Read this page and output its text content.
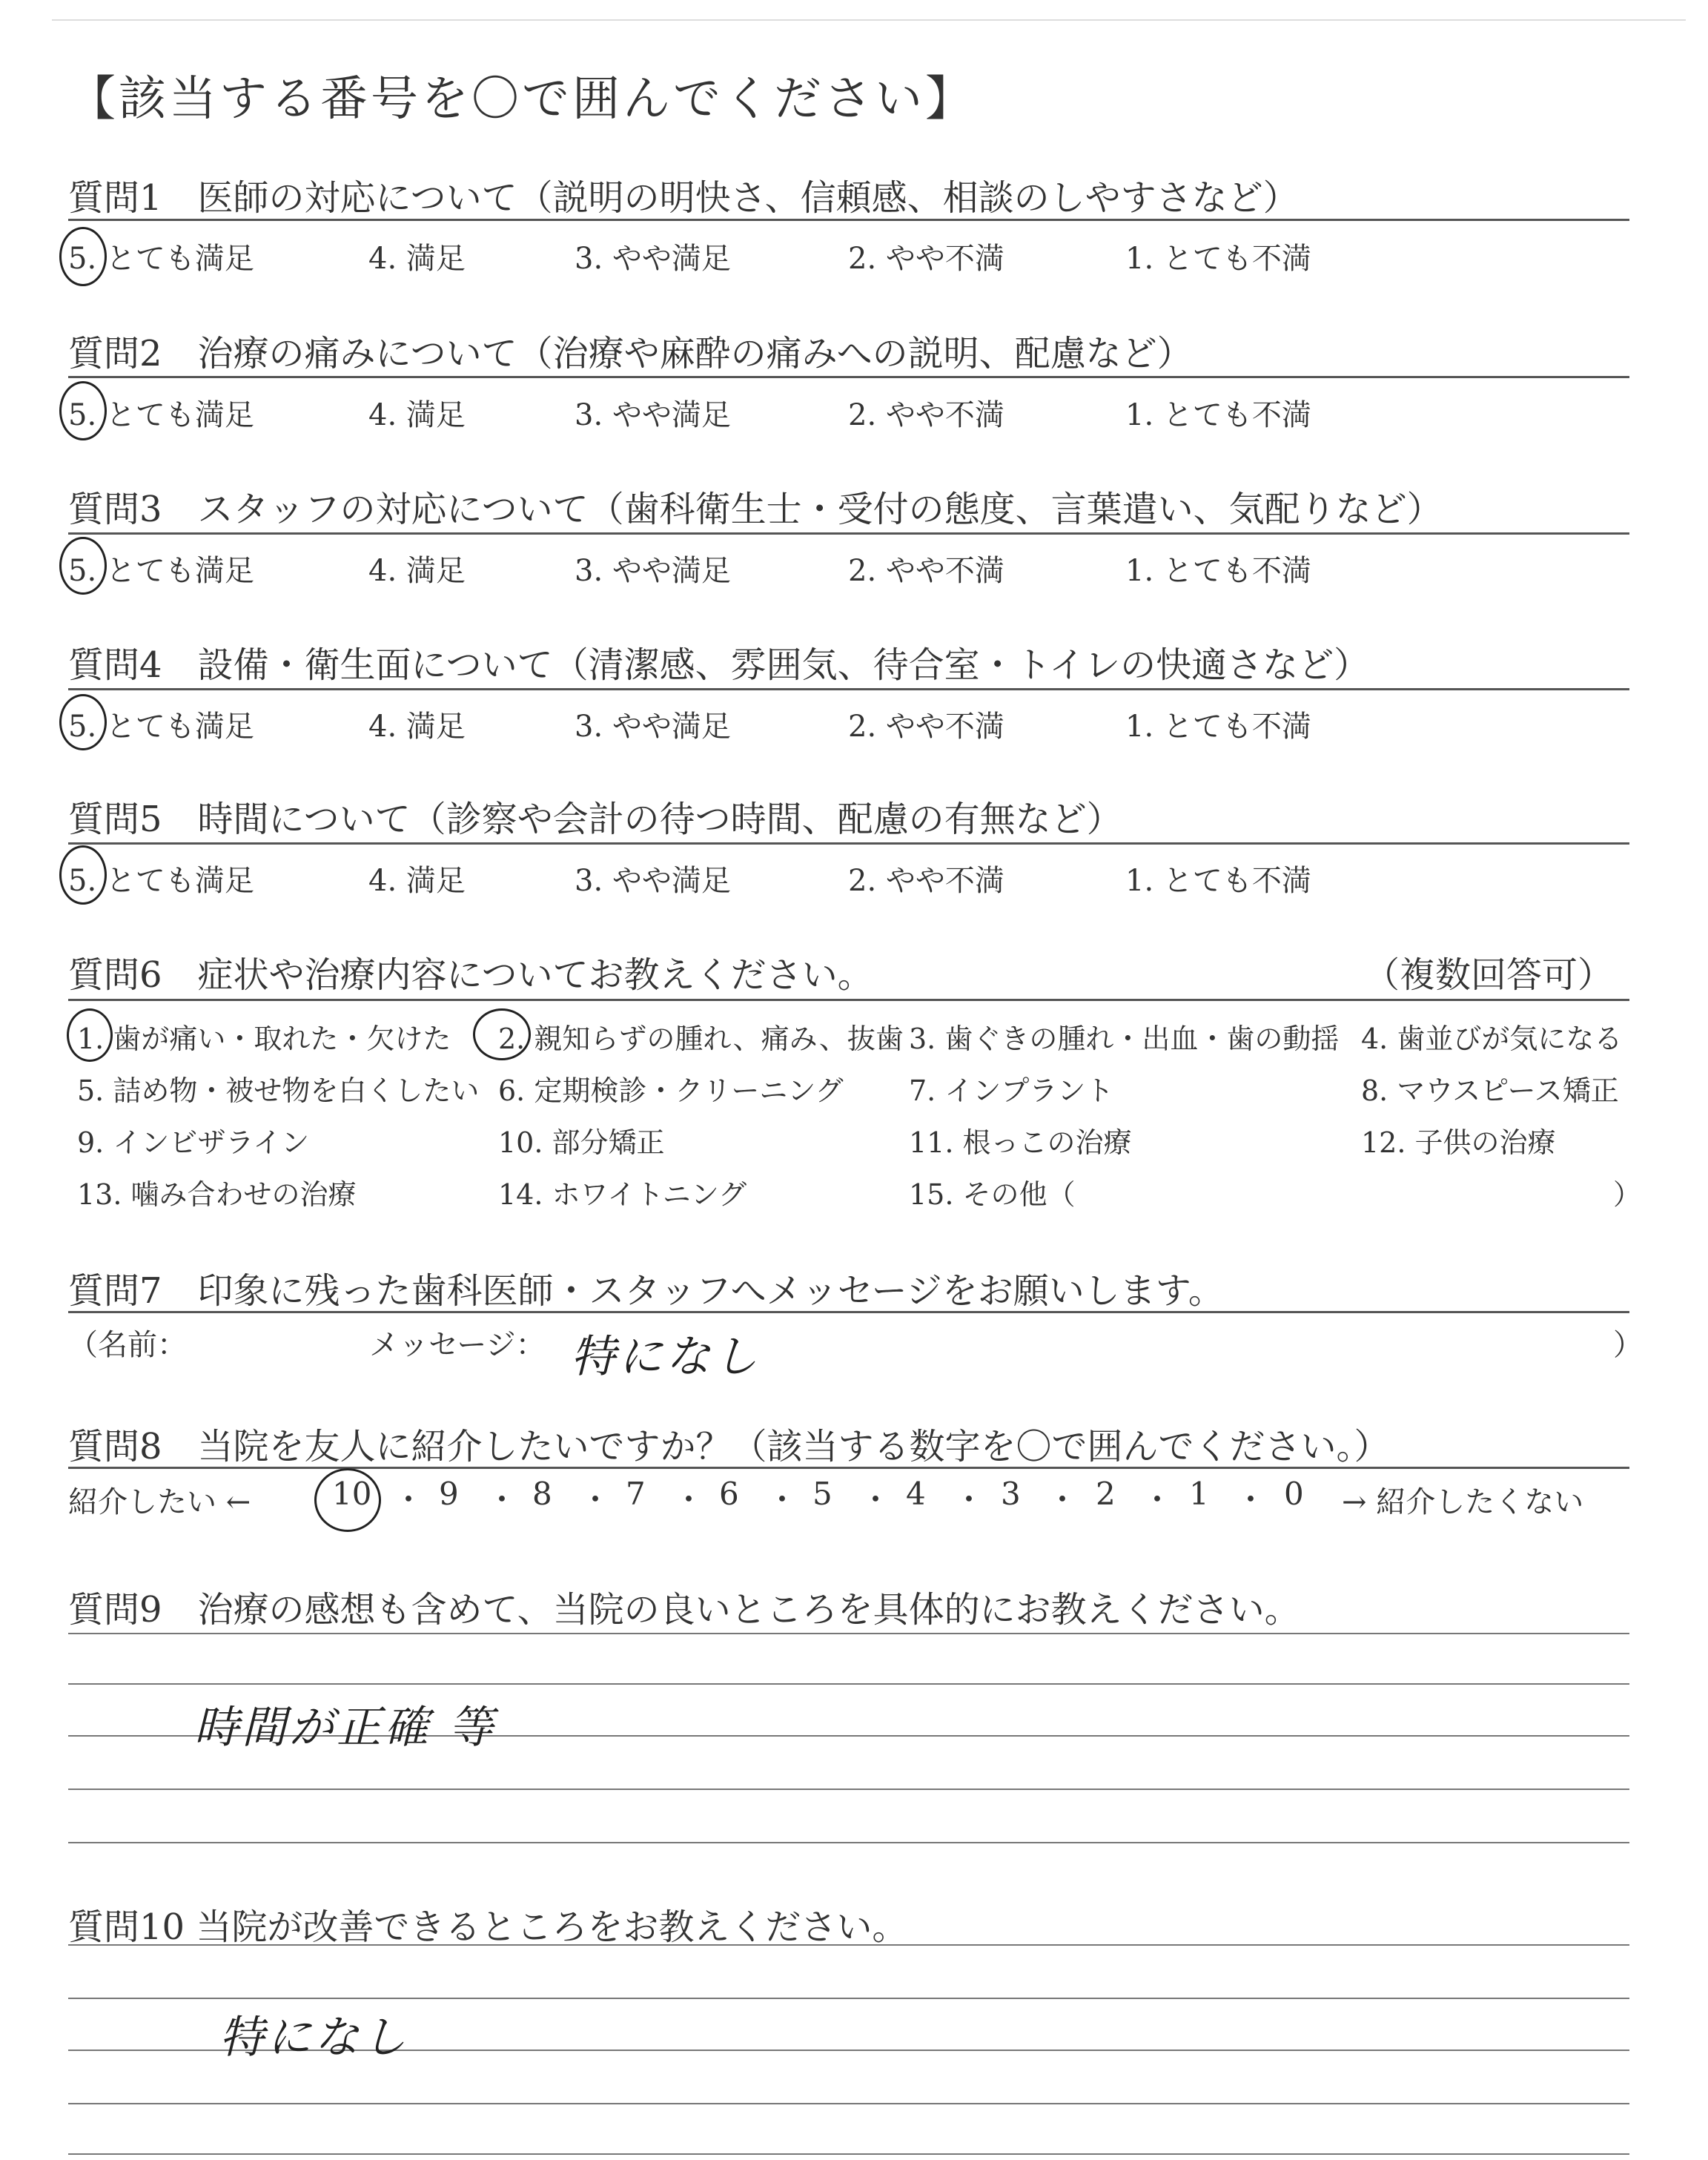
【該当する番号を〇で囲んでください】
質問1　医師の対応について（説明の明快さ、信頼感、相談のしやすさなど）
5. とても満足	4. 満足	3. やや満足	2. やや不満	1. とても不満
質問2　治療の痛みについて（治療や麻酔の痛みへの説明、配慮など）
5. とても満足	4. 満足	3. やや満足	2. やや不満	1. とても不満
質問3　スタッフの対応について（歯科衛生士・受付の態度、言葉遣い、気配りなど）
5. とても満足	4. 満足	3. やや満足	2. やや不満	1. とても不満
質問4　設備・衛生面について（清潔感、雰囲気、待合室・トイレの快適さなど）
5. とても満足	4. 満足	3. やや満足	2. やや不満	1. とても不満
質問5　時間について（診察や会計の待つ時間、配慮の有無など）
5. とても満足	4. 満足	3. やや満足	2. やや不満	1. とても不満
質問6　症状や治療内容についてお教えください。	（複数回答可）
1. 歯が痛い・取れた・欠けた 2. 親知らずの腫れ、痛み、抜歯 3. 歯ぐきの腫れ・出血・歯の動揺 4. 歯並びが気になる
5. 詰め物・被せ物を白くしたい 6. 定期検診・クリーニング 7. インプラント	8. マウスピース矯正
9. インビザライン	10. 部分矯正	11. 根っこの治療	12. 子供の治療
13. 噛み合わせの治療	14. ホワイトニング	15. その他（	）
質問7　印象に残った歯科医師・スタッフへメッセージをお願いします。
（名前：	メッセージ：	）
特になし
質問8　当院を友人に紹介したいですか？（該当する数字を〇で囲んでください。）
紹介したい ←	10 ・ 9 ・ 8 ・ 7 ・ 6 ・ 5 ・ 4 ・ 3 ・ 2 ・ 1 ・ 0 → 紹介したくない
質問9　治療の感想も含めて、当院の良いところを具体的にお教えください。
時間が正確 等
質問10 当院が改善できるところをお教えください。
特になし
